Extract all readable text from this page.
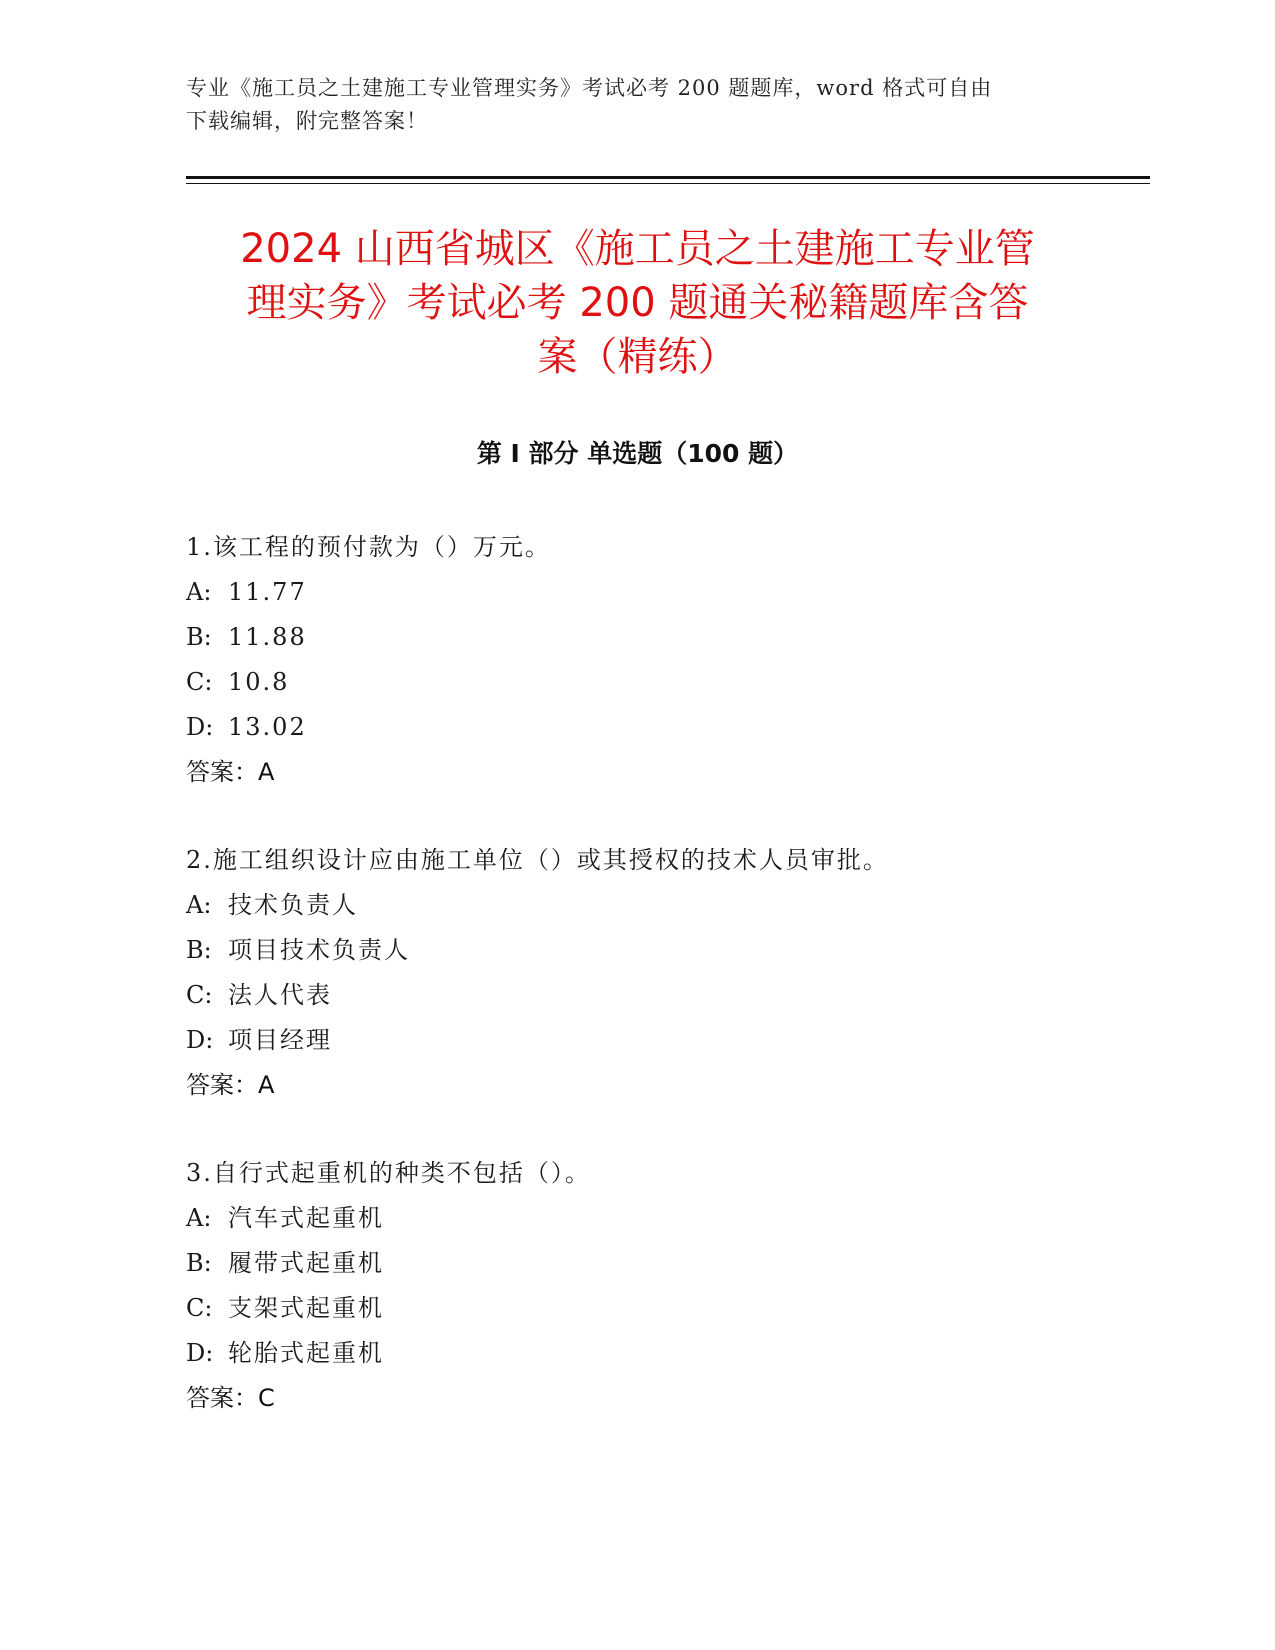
专业《施工员之土建施工专业管理实务》考试必考 200 题题库，word 格式可自由
下载编辑，附完整答案！
2024 山西省城区《施工员之土建施工专业管
理实务》考试必考 200 题通关秘籍题库含答
案（精练）
第 I 部分 单选题（100 题）
1.该工程的预付款为（）万元。
A: 11.77
B: 11.88
C: 10.8
D: 13.02
答案：A
2.施工组织设计应由施工单位（）或其授权的技术人员审批。
A: 技术负责人
B: 项目技术负责人
C: 法人代表
D: 项目经理
答案：A
3.自行式起重机的种类不包括（）。
A: 汽车式起重机
B: 履带式起重机
C: 支架式起重机
D: 轮胎式起重机
答案：C
